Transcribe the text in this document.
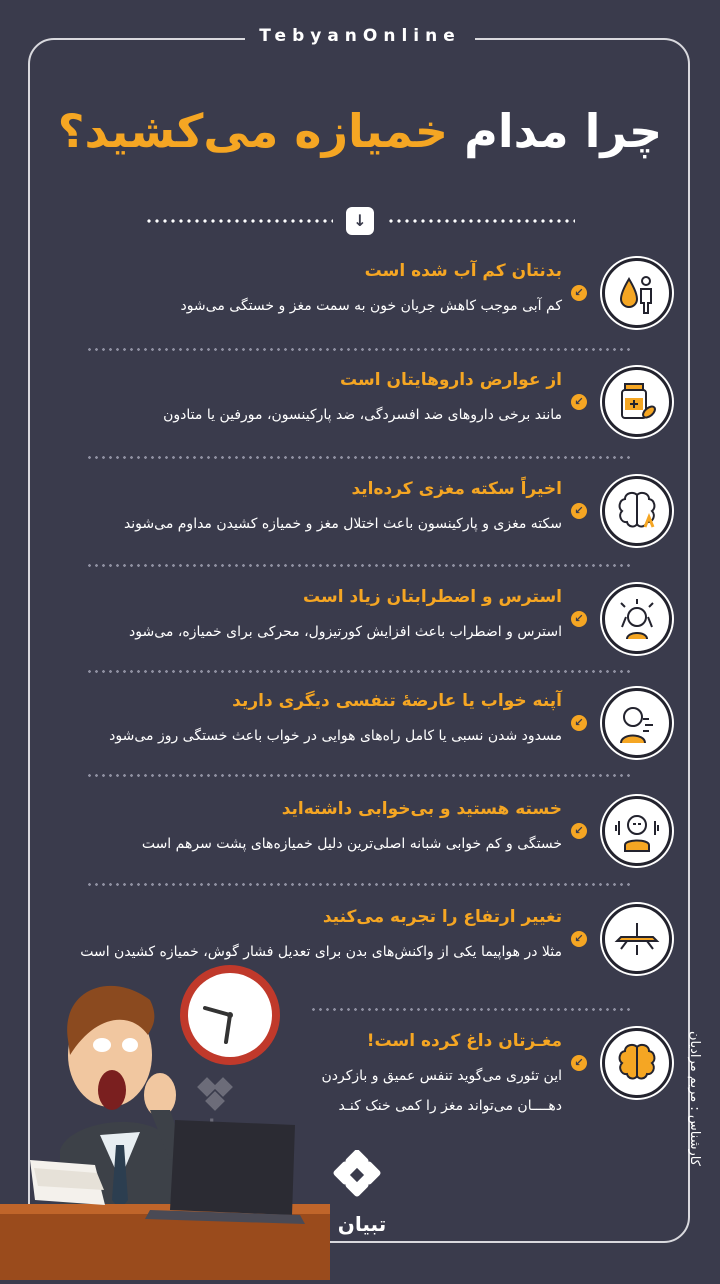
TebyanOnline
چرا مدام خمیازه می‌کشید؟
↓
↙
بدنتان کم آب شده است
کم آبی موجب کاهش جریان خون به سمت مغز و خستگی می‌شود
↙
از عوارض داروهایتان است
مانند برخی داروهای ضد افسردگی، ضد پارکینسون، مورفین یا متادون
↙
اخیراً سکته مغزی کرده‌اید
سکته مغزی و پارکینسون باعث اختلال مغز و خمیازه کشیدن مداوم می‌شوند
↙
استرس و اضطرابتان زیاد است
استرس و اضطراب باعث افزایش کورتیزول، محرکی برای خمیازه، می‌شود
↙
آپنه خواب یا عارضهٔ تنفسی دیگری دارید
مسدود شدن نسبی یا کامل راه‌های هوایی در خواب باعث خستگی روز می‌شود
↙
خسته هستید و بی‌خوابی داشته‌اید
خستگی و کم خوابی شبانه اصلی‌ترین دلیل خمیازه‌های پشت سرهم است
↙
تغییر ارتفاع را تجربه می‌کنید
مثلا در هواپیما یکی از واکنش‌های بدن برای تعدیل فشار گوش، خمیازه کشیدن است
↙
مغـزتان داغ کرده است!
این تئوری می‌گوید تنفس عمیق و بازکردن
دهــــان می‌تواند مغز را کمی خنک کنـد	کارشناس : مریم مرادیان
تبیان
